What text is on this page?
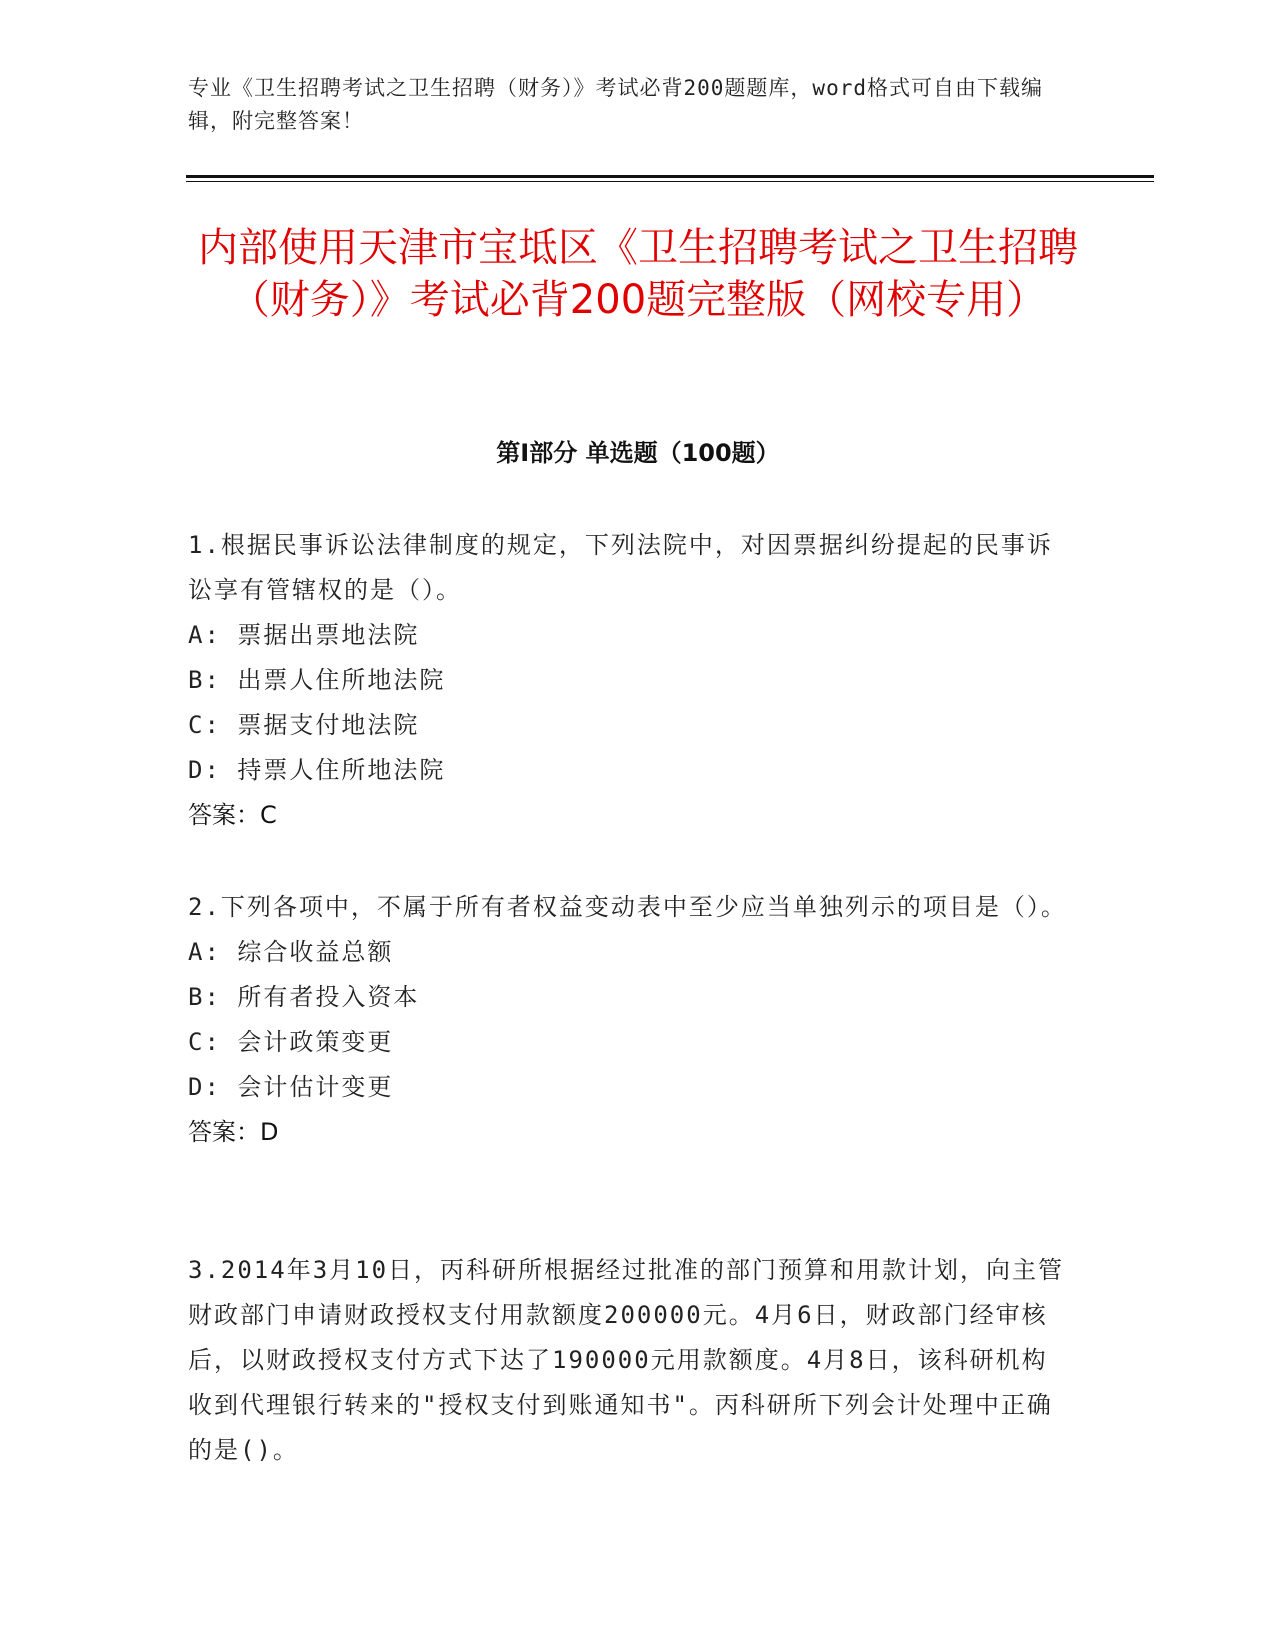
专业《卫生招聘考试之卫生招聘（财务）》考试必背200题题库，word格式可自由下载编辑，附完整答案！
内部使用天津市宝坻区《卫生招聘考试之卫生招聘（财务）》考试必背200题完整版（网校专用）
第I部分 单选题（100题）
1.根据民事诉讼法律制度的规定，下列法院中，对因票据纠纷提起的民事诉讼享有管辖权的是（）。
A: 票据出票地法院
B: 出票人住所地法院
C: 票据支付地法院
D: 持票人住所地法院
答案：C
2.下列各项中，不属于所有者权益变动表中至少应当单独列示的项目是（）。
A: 综合收益总额
B: 所有者投入资本
C: 会计政策变更
D: 会计估计变更
答案：D
3.2014年3月10日，丙科研所根据经过批准的部门预算和用款计划，向主管财政部门申请财政授权支付用款额度200000元。4月6日，财政部门经审核后，以财政授权支付方式下达了190000元用款额度。4月8日，该科研机构收到代理银行转来的"授权支付到账通知书"。丙科研所下列会计处理中正确的是()。
